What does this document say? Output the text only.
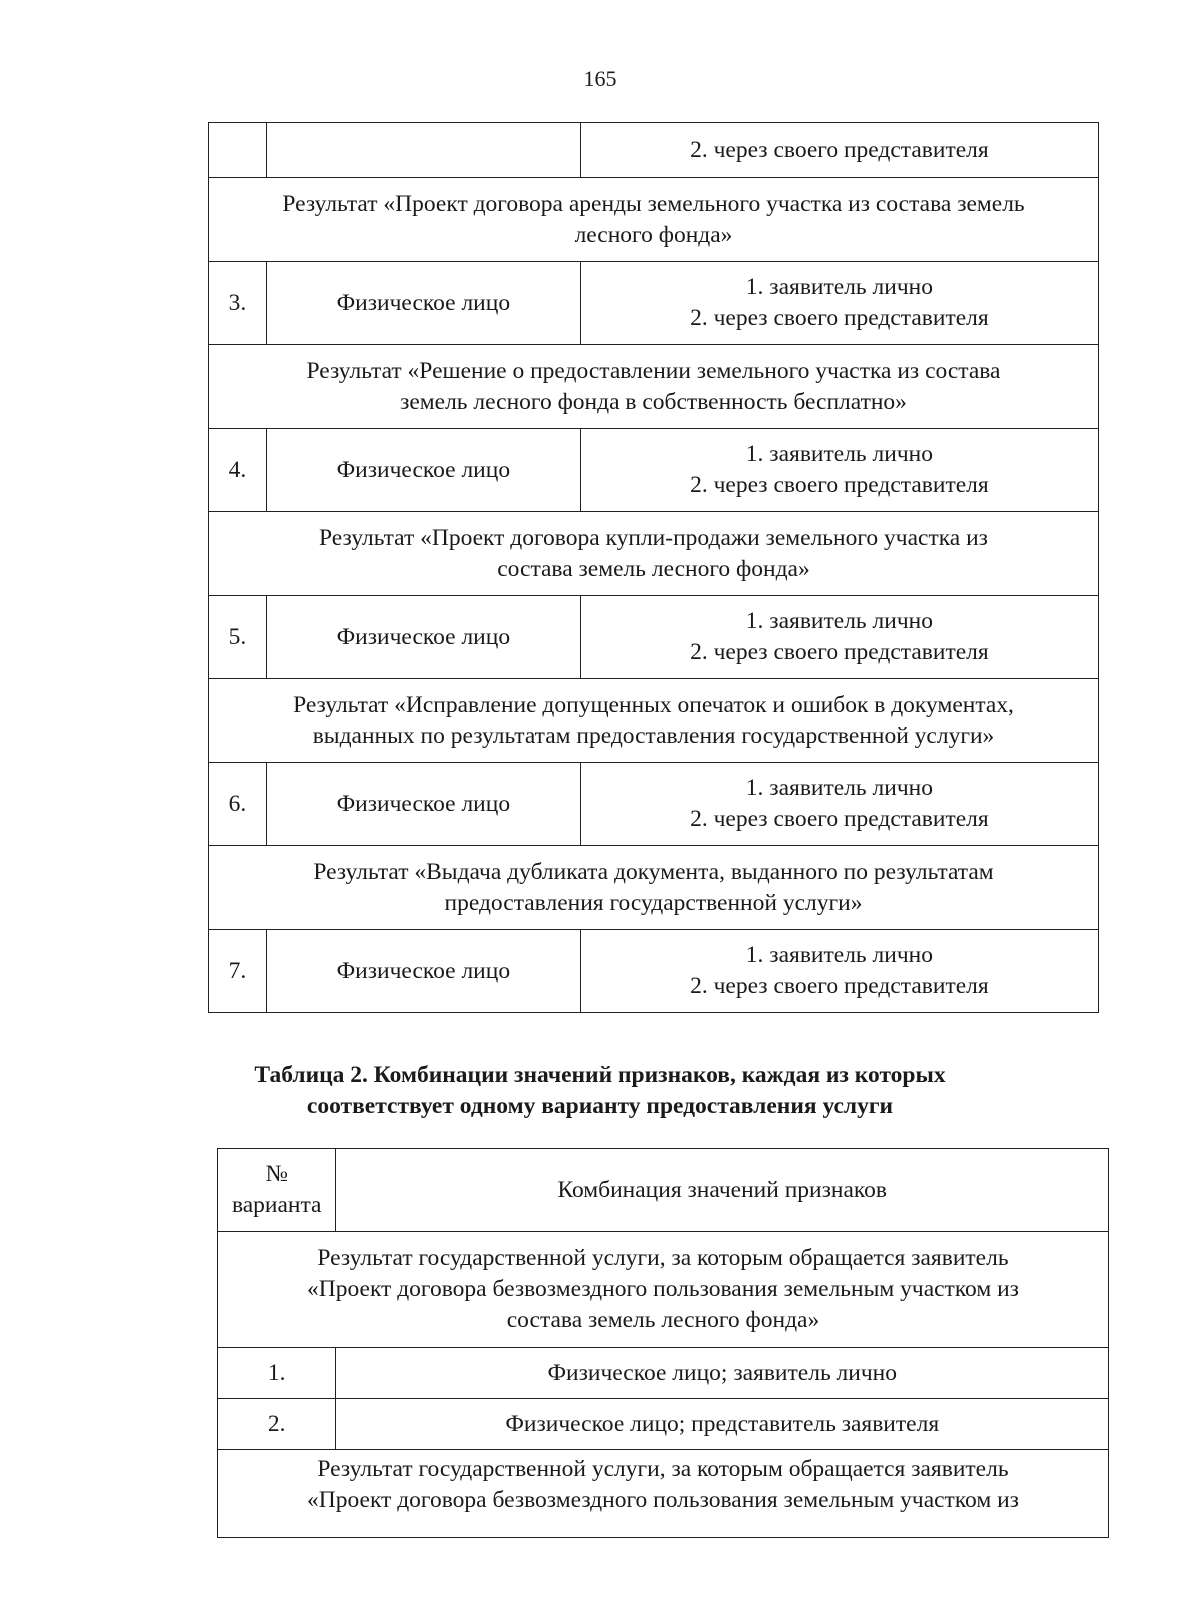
165

		2. через своего представителя

Результат «Проект договора аренды земельного участка из состава земель
лесного фонда»		

3.	Физическое лицо	1. заявитель лично
2. через своего представителя

Результат «Решение о предоставлении земельного участка из состава
земель лесного фонда в собственность бесплатно»		

4.	Физическое лицо	1. заявитель лично
2. через своего представителя

Результат «Проект договора купли-продажи земельного участка из
состава земель лесного фонда»		

5.	Физическое лицо	1. заявитель лично
2. через своего представителя

Результат «Исправление допущенных опечаток и ошибок в документах,
выданных по результатам предоставления государственной услуги»		

6.	Физическое лицо	1. заявитель лично
2. через своего представителя

Результат «Выдача дубликата документа, выданного по результатам
предоставления государственной услуги»		

7.	Физическое лицо	1. заявитель лично
2. через своего представителя
Таблица 2. Комбинации значений признаков, каждая из которых
соответствует одному варианту предоставления услуги
№
варианта	Комбинация значений признаков

Результат государственной услуги, за которым обращается заявитель
«Проект договора безвозмездного пользования земельным участком из
состава земель лесного фонда»	

1.	Физическое лицо; заявитель лично
2.	Физическое лицо; представитель заявителя

Результат государственной услуги, за которым обращается заявитель
«Проект договора безвозмездного пользования земельным участком из	
